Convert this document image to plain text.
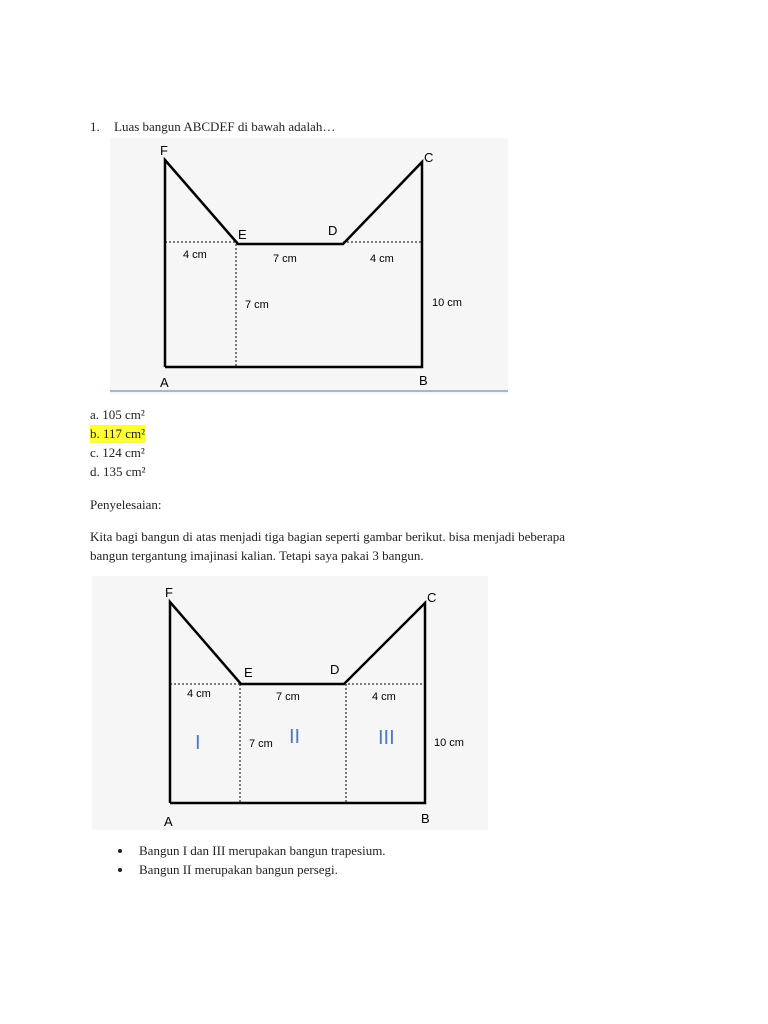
1. Luas bangun ABCDEF di bawah adalah…
F	C
E	D
A	B
4 cm	7 cm	4 cm
7 cm	10 cm
a. 105 cm²
b. 117 cm²
c. 124 cm²
d. 135 cm²
Penyelesaian:
Kita bagi bangun di atas menjadi tiga bagian seperti gambar berikut. bisa menjadi beberapa
bangun tergantung imajinasi kalian. Tetapi saya pakai 3 bangun.
F	C
E	D
A	B
4 cm	7 cm	4 cm
7 cm	10 cm
I	II	III
Bangun I dan III merupakan bangun trapesium.
Bangun II merupakan bangun persegi.
